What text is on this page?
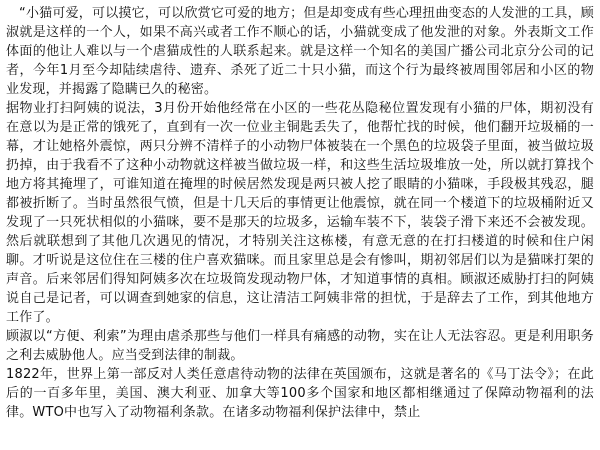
“小猫可爱，可以摸它，可以欣赏它可爱的地方；但是却变成有些心理扭曲变态的人发泄的工具，顾淑就是这样的一个人，如果不高兴或者工作不顺心的话，小猫就变成了他发泄的对象。外表斯文工作体面的他让人难以与一个虐猫成性的人联系起来。就是这样一个知名的美国广播公司北京分公司的记者，今年1月至今却陆续虐待、遗弃、杀死了近二十只小猫，而这个行为最终被周围邻居和小区的物业发现，并揭露了隐瞒已久的秘密。

据物业打扫阿姨的说法，3月份开始他经常在小区的一些花丛隐秘位置发现有小猫的尸体，期初没有在意以为是正常的饿死了，直到有一次一位业主铜匙丢失了，他帮忙找的时候，他们翻开垃圾桶的一幕，才让她格外震惊，两只分辨不清样子的小动物尸体被装在一个黑色的垃圾袋子里面，被当做垃圾扔掉，由于我看不了这种小动物就这样被当做垃圾一样，和这些生活垃圾堆放一处，所以就打算找个地方将其掩埋了，可谁知道在掩埋的时候居然发现是两只被人挖了眼睛的小猫咪，手段极其残忍，腿都被折断了。当时虽然很气愤，但是十几天后的事情更让他震惊，就在同一个楼道下的垃圾桶附近又发现了一只死状相似的小猫咪，要不是那天的垃圾多，运输车装不下，装袋子滑下来还不会被发现。然后就联想到了其他几次遇见的情况，才特别关注这栋楼，有意无意的在打扫楼道的时候和住户闲聊。才听说是这位住在三楼的住户喜欢猫咪。而且家里总是会有惨叫，期初邻居们以为是猫咪打架的声音。后来邻居们得知阿姨多次在垃圾筒发现动物尸体，才知道事情的真相。顾淑还威胁打扫的阿姨说自己是记者，可以调查到她家的信息，这让清洁工阿姨非常的担忧，于是辞去了工作，到其他地方工作了。

顾淑以“方便、利索”为理由虐杀那些与他们一样具有痛感的动物，实在让人无法容忍。更是利用职务之利去威胁他人。应当受到法律的制裁。

1822年，世界上第一部反对人类任意虐待动物的法律在英国颁布，这就是著名的《马丁法令》；在此后的一百多年里，美国、澳大利亚、加拿大等100多个国家和地区都相继通过了保障动物福利的法律。WTO中也写入了动物福利条款。在诸多动物福利保护法律中，禁止
